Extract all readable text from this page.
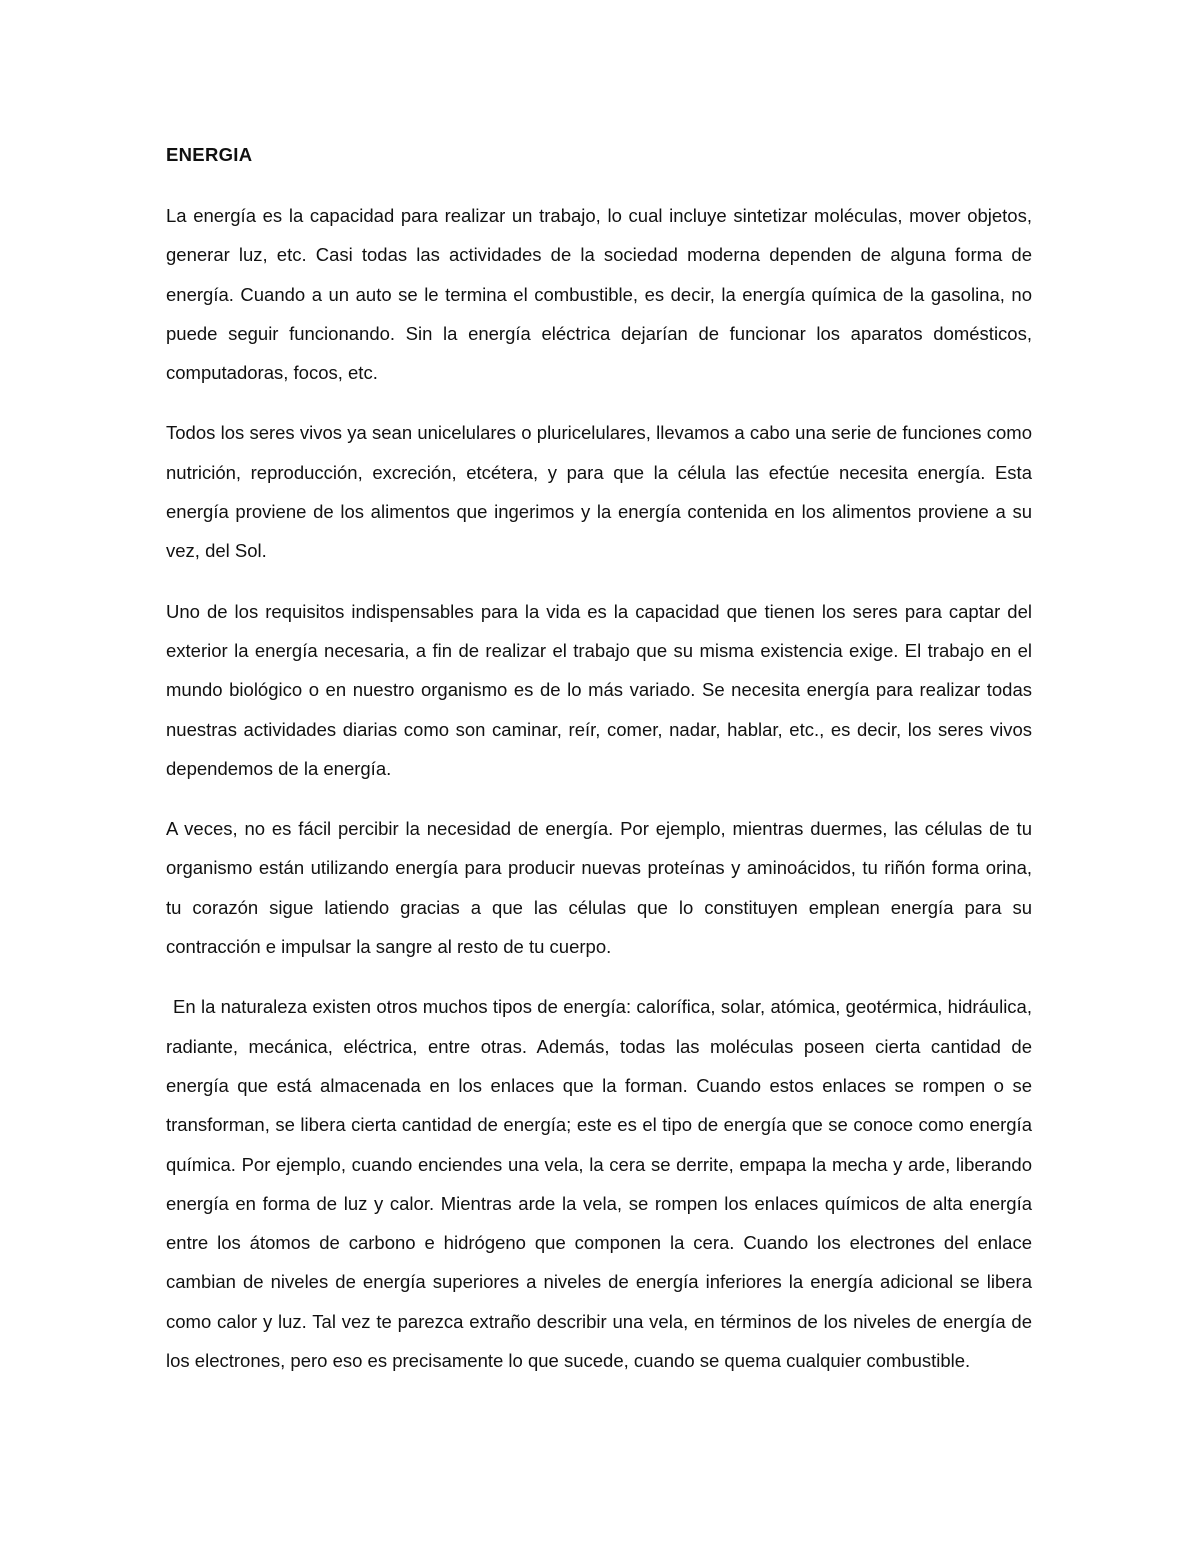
ENERGIA

La energía es la capacidad para realizar un trabajo, lo cual incluye sintetizar moléculas, mover objetos, generar luz, etc. Casi todas las actividades de la sociedad moderna dependen de alguna forma de energía. Cuando a un auto se le termina el combustible, es decir, la energía química de la gasolina, no puede seguir funcionando. Sin la energía eléctrica dejarían de funcionar los aparatos domésticos, computadoras, focos, etc.

Todos los seres vivos ya sean unicelulares o pluricelulares, llevamos a cabo una serie de funciones como nutrición, reproducción, excreción, etcétera, y para que la célula las efectúe necesita energía. Esta energía proviene de los alimentos que ingerimos y la energía contenida en los alimentos proviene a su vez, del Sol.

Uno de los requisitos indispensables para la vida es la capacidad que tienen los seres para captar del exterior la energía necesaria, a fin de realizar el trabajo que su misma existencia exige. El trabajo en el mundo biológico o en nuestro organismo es de lo más variado. Se necesita energía para realizar todas nuestras actividades diarias como son caminar, reír, comer, nadar, hablar, etc., es decir, los seres vivos dependemos de la energía.

A veces, no es fácil percibir la necesidad de energía. Por ejemplo, mientras duermes, las células de tu organismo están utilizando energía para producir nuevas proteínas y aminoácidos, tu riñón forma orina, tu corazón sigue latiendo gracias a que las células que lo constituyen emplean energía para su contracción e impulsar la sangre al resto de tu cuerpo.

En la naturaleza existen otros muchos tipos de energía: calorífica, solar, atómica, geotérmica, hidráulica, radiante, mecánica, eléctrica, entre otras. Además, todas las moléculas poseen cierta cantidad de energía que está almacenada en los enlaces que la forman. Cuando estos enlaces se rompen o se transforman, se libera cierta cantidad de energía; este es el tipo de energía que se conoce como energía química. Por ejemplo, cuando enciendes una vela, la cera se derrite, empapa la mecha y arde, liberando energía en forma de luz y calor. Mientras arde la vela, se rompen los enlaces químicos de alta energía entre los átomos de carbono e hidrógeno que componen la cera. Cuando los electrones del enlace cambian de niveles de energía superiores a niveles de energía inferiores la energía adicional se libera como calor y luz. Tal vez te parezca extraño describir una vela, en términos de los niveles de energía de los electrones, pero eso es precisamente lo que sucede, cuando se quema cualquier combustible.
